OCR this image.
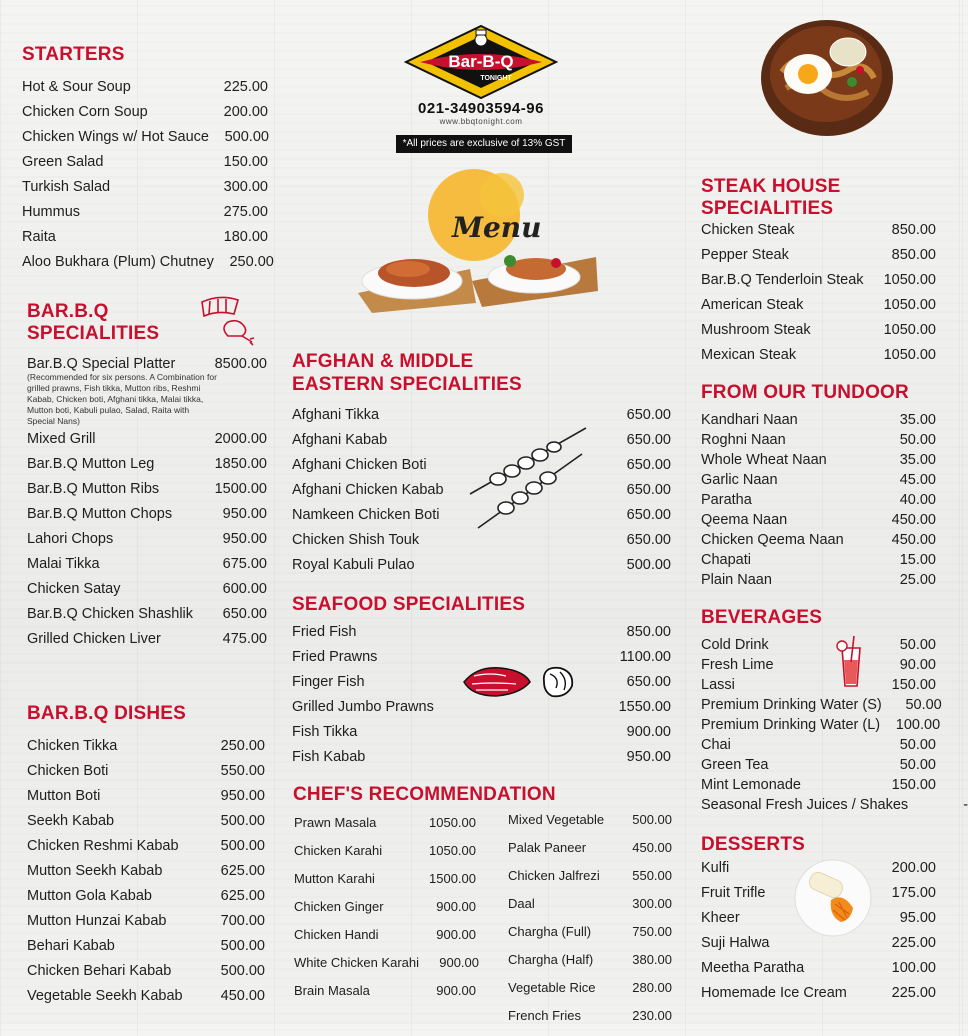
STARTERS
Hot & Sour Soup	225.00
Chicken Corn Soup	200.00
Chicken Wings w/ Hot Sauce	500.00
Green Salad	150.00
Turkish Salad	300.00
Hummus	275.00
Raita	180.00
Aloo Bukhara (Plum) Chutney	250.00
BAR.B.Q
SPECIALITIES
Bar.B.Q Special Platter	8500.00
(Recommended for six persons. A Combination for grilled prawns, Fish tikka, Mutton ribs, Reshmi Kabab, Chicken boti, Afghani tikka, Malai tikka, Mutton boti, Kabuli pulao, Salad, Raita with Special Nans)
Mixed Grill	2000.00
Bar.B.Q Mutton Leg	1850.00
Bar.B.Q Mutton Ribs	1500.00
Bar.B.Q Mutton Chops	950.00
Lahori Chops	950.00
Malai Tikka	675.00
Chicken Satay	600.00
Bar.B.Q Chicken Shashlik	650.00
Grilled Chicken Liver	475.00
BAR.B.Q DISHES
Chicken Tikka	250.00
Chicken Boti	550.00
Mutton Boti	950.00
Seekh Kabab	500.00
Chicken Reshmi Kabab	500.00
Mutton Seekh Kabab	625.00
Mutton Gola Kabab	625.00
Mutton Hunzai Kabab	700.00
Behari Kabab	500.00
Chicken Behari Kabab	500.00
Vegetable Seekh Kabab	450.00
Bar-B-Q
TONIGHT
021-34903594-96
www.bbqtonight.com
*All prices are exclusive of 13% GST
Menu
AFGHAN & MIDDLE
EASTERN SPECIALITIES
Afghani Tikka	650.00
Afghani Kabab	650.00
Afghani Chicken Boti	650.00
Afghani Chicken Kabab	650.00
Namkeen Chicken Boti	650.00
Chicken Shish Touk	650.00
Royal Kabuli Pulao	500.00
SEAFOOD SPECIALITIES
Fried Fish	850.00
Fried Prawns	1100.00
Finger Fish	650.00
Grilled Jumbo Prawns	1550.00
Fish Tikka	900.00
Fish Kabab	950.00
CHEF'S RECOMMENDATION
Prawn Masala	1050.00
Chicken Karahi	1050.00
Mutton Karahi	1500.00
Chicken Ginger	900.00
Chicken Handi	900.00
White Chicken Karahi	900.00
Brain Masala	900.00
Mixed Vegetable	500.00
Palak Paneer	450.00
Chicken Jalfrezi	550.00
Daal	300.00
Chargha (Full)	750.00
Chargha (Half)	380.00
Vegetable Rice	280.00
French Fries	230.00
STEAK HOUSE
SPECIALITIES
Chicken Steak	850.00
Pepper Steak	850.00
Bar.B.Q Tenderloin Steak	1050.00
American Steak	1050.00
Mushroom Steak	1050.00
Mexican Steak	1050.00
FROM OUR TUNDOOR
Kandhari Naan	35.00
Roghni Naan	50.00
Whole Wheat Naan	35.00
Garlic Naan	45.00
Paratha	40.00
Qeema Naan	450.00
Chicken Qeema Naan	450.00
Chapati	15.00
Plain Naan	25.00
BEVERAGES
Cold Drink	50.00
Fresh Lime	90.00
Lassi	150.00
Premium Drinking Water (S)	50.00
Premium Drinking Water (L)	100.00
Chai	50.00
Green Tea	50.00
Mint Lemonade	150.00
Seasonal Fresh Juices / Shakes	-
DESSERTS
Kulfi	200.00
Fruit Trifle	175.00
Kheer	95.00
Suji Halwa	225.00
Meetha Paratha	100.00
Homemade Ice Cream	225.00
